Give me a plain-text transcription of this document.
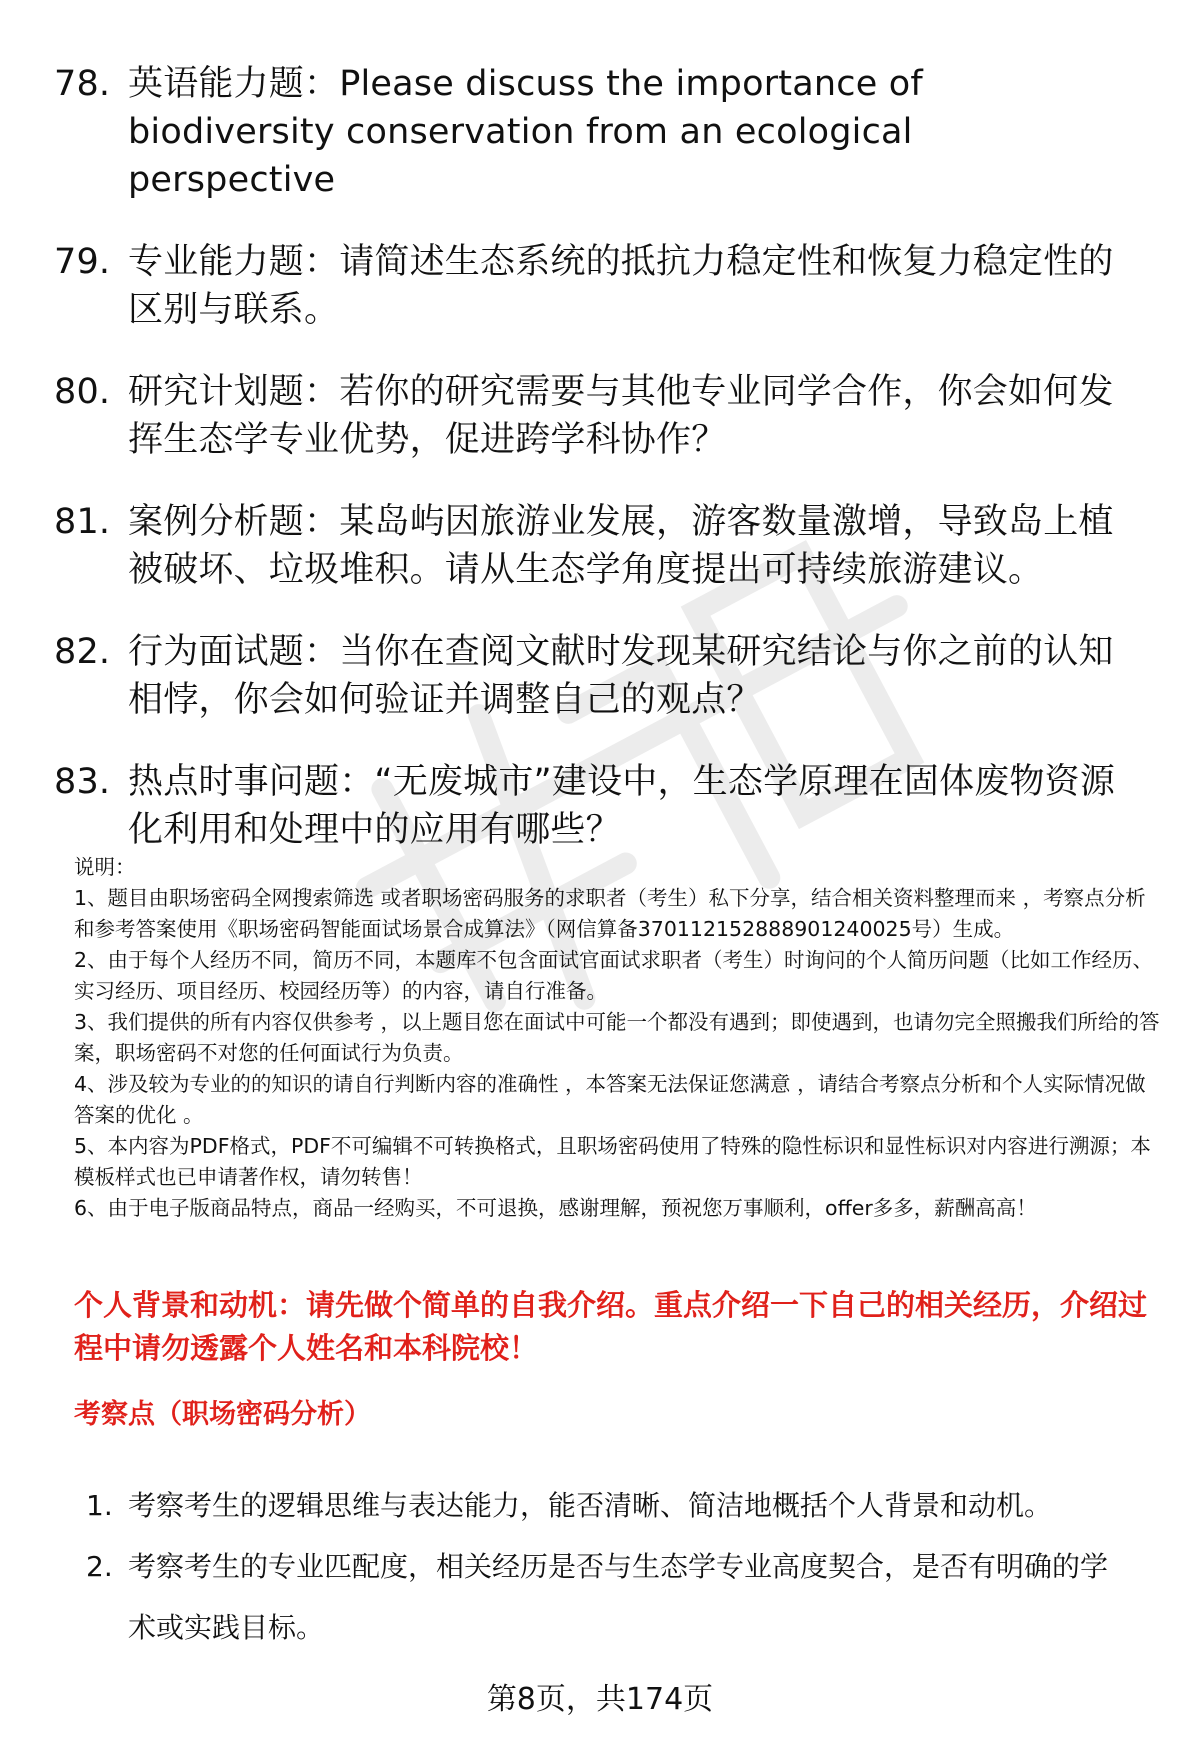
78. 英语能力题：Please discuss the importance of biodiversity conservation from an ecological perspective
79. 专业能力题：请简述生态系统的抵抗力稳定性和恢复力稳定性的区别与联系。
80. 研究计划题：若你的研究需要与其他专业同学合作，你会如何发挥生态学专业优势，促进跨学科协作？
81. 案例分析题：某岛屿因旅游业发展，游客数量激增，导致岛上植被破坏、垃圾堆积。请从生态学角度提出可持续旅游建议。
82. 行为面试题：当你在查阅文献时发现某研究结论与你之前的认知相悖，你会如何验证并调整自己的观点？
83. 热点时事问题：“无废城市”建设中，生态学原理在固体废物资源化利用和处理中的应用有哪些？

说明：

1、题目由职场密码全网搜索筛选 或者职场密码服务的求职者（考生）私下分享，结合相关资料整理而来 ，考察点分析和参考答案使用《职场密码智能面试场景合成算法》（网信算备370112152888901240025号）生成。

2、由于每个人经历不同，简历不同，本题库不包含面试官面试求职者（考生）时询问的个人简历问题（比如工作经历、实习经历、项目经历、校园经历等）的内容，请自行准备。

3、我们提供的所有内容仅供参考 ，以上题目您在面试中可能一个都没有遇到；即使遇到，也请勿完全照搬我们所给的答案，职场密码不对您的任何面试行为负责。

4、涉及较为专业的的知识的请自行判断内容的准确性 ，本答案无法保证您满意 ，请结合考察点分析和个人实际情况做答案的优化 。

5、本内容为PDF格式，PDF不可编辑不可转换格式，且职场密码使用了特殊的隐性标识和显性标识对内容进行溯源；本模板样式也已申请著作权，请勿转售！

6、由于电子版商品特点，商品一经购买，不可退换，感谢理解，预祝您万事顺利，offer多多，薪酬高高！

个人背景和动机：请先做个简单的自我介绍。重点介绍一下自己的相关经历，介绍过程中请勿透露个人姓名和本科院校！
考察点（职场密码分析）
1. 考察考生的逻辑思维与表达能力，能否清晰、简洁地概括个人背景和动机。
2. 考察考生的专业匹配度，相关经历是否与生态学专业高度契合，是否有明确的学术或实践目标。
第8页，共174页
